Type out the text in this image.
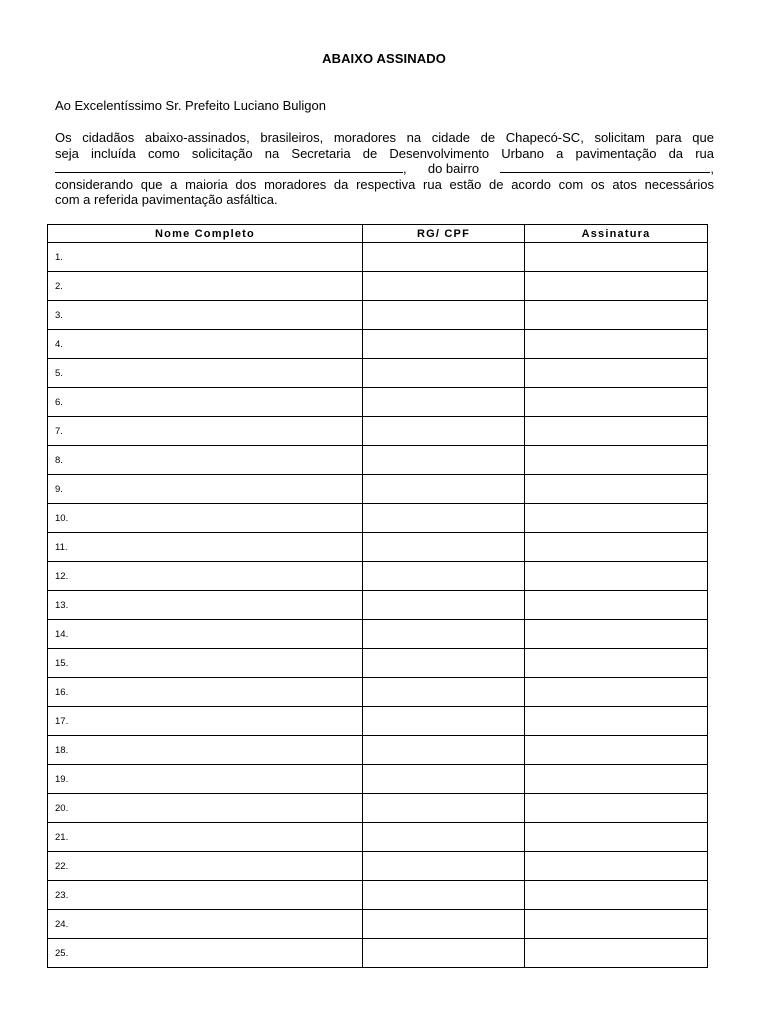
ABAIXO ASSINADO
Ao Excelentíssimo Sr. Prefeito Luciano Buligon
Os cidadãos abaixo-assinados, brasileiros, moradores na cidade de Chapecó-SC, solicitam para que
seja incluída como solicitação na Secretaria de Desenvolvimento Urbano a pavimentação da rua
, do bairro	,
considerando que a maioria dos moradores da respectiva rua estão de acordo com os atos necessários
com a referida pavimentação asfáltica.
Nome Completo	RG/ CPF	Assinatura
1.		
2.		
3.		
4.		
5.		
6.		
7.		
8.		
9.		
10.		
11.		
12.		
13.		
14.		
15.		
16.		
17.		
18.		
19.		
20.		
21.		
22.		
23.		
24.		
25.		
